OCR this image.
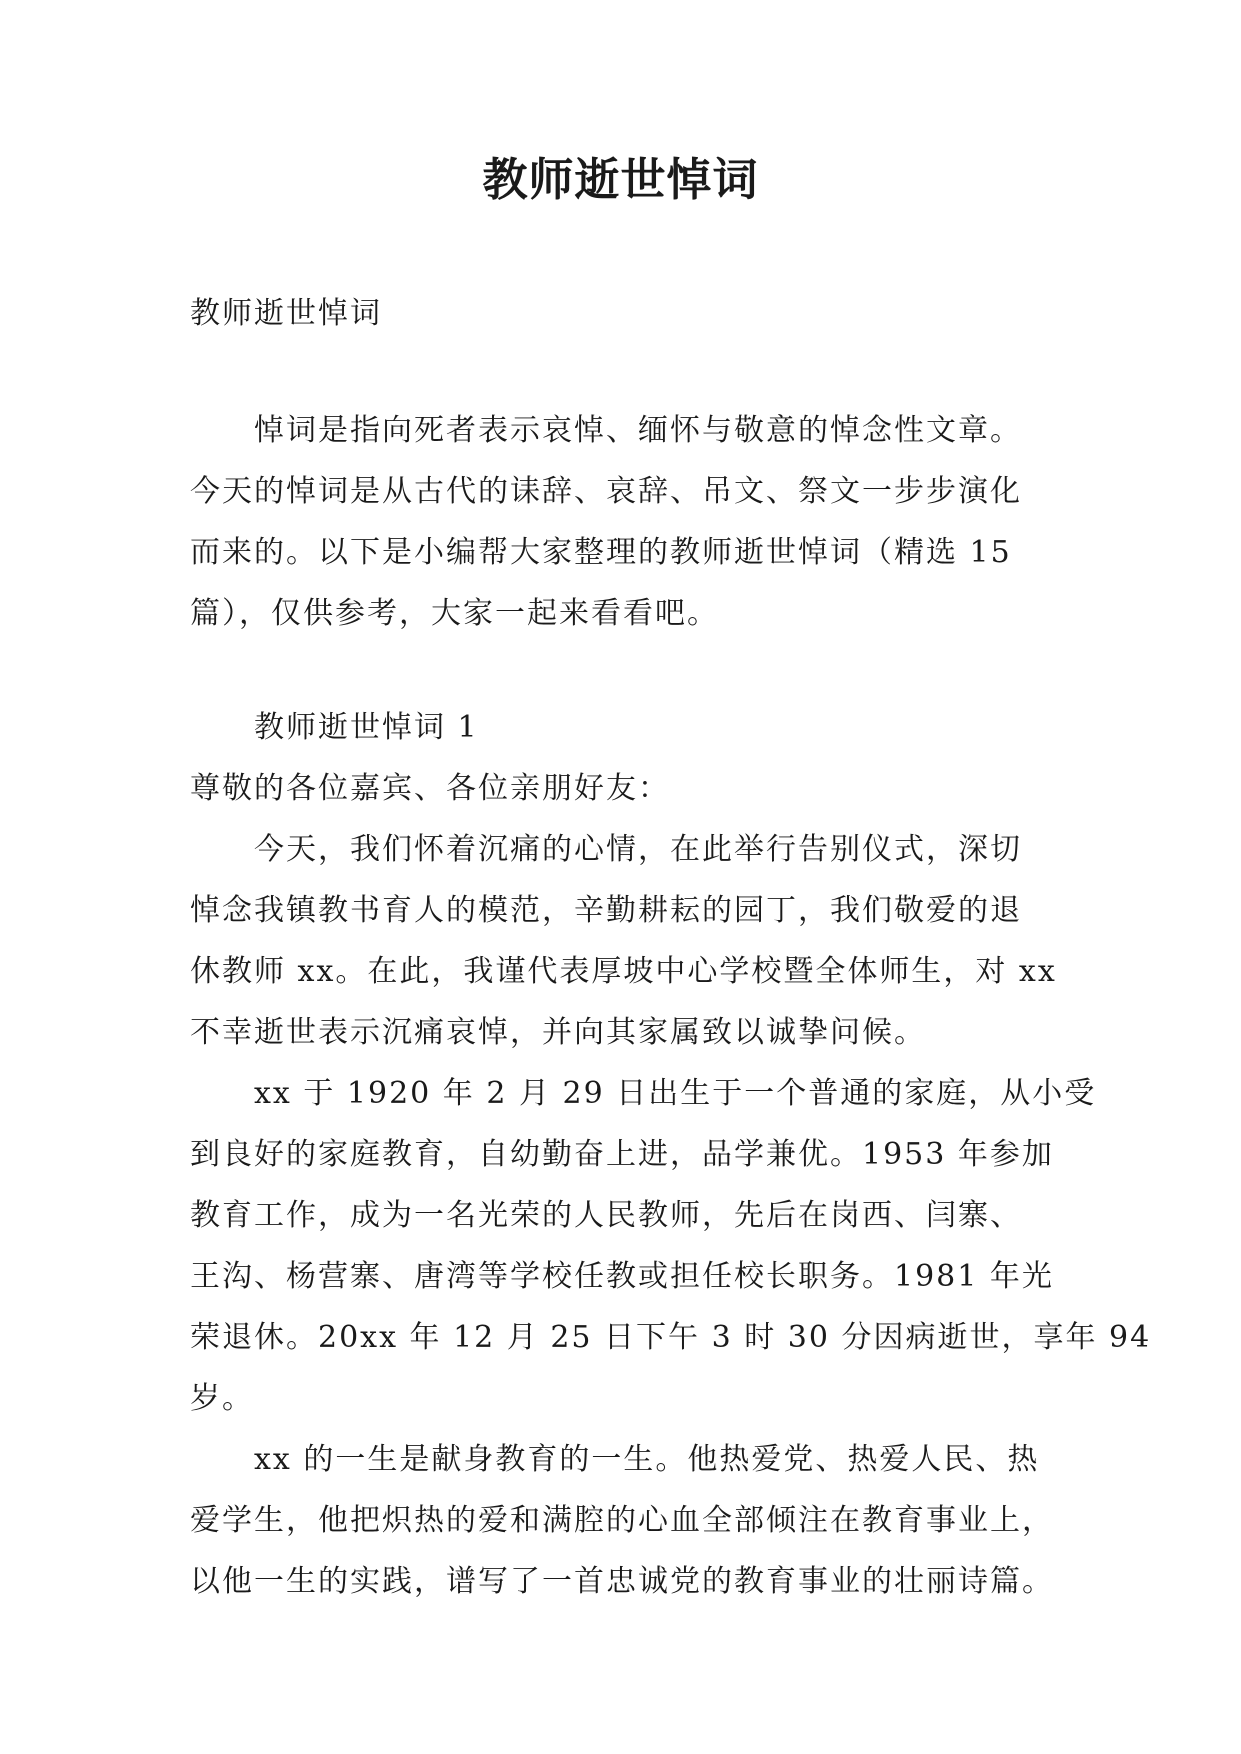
教师逝世悼词

教师逝世悼词

悼词是指向死者表示哀悼、缅怀与敬意的悼念性文章。
今天的悼词是从古代的诔辞、哀辞、吊文、祭文一步步演化
而来的。以下是小编帮大家整理的教师逝世悼词（精选 15
篇），仅供参考，大家一起来看看吧。
教师逝世悼词 1
尊敬的各位嘉宾、各位亲朋好友：
今天，我们怀着沉痛的心情，在此举行告别仪式，深切
悼念我镇教书育人的模范，辛勤耕耘的园丁，我们敬爱的退
休教师 xx。在此，我谨代表厚坡中心学校暨全体师生，对 xx
不幸逝世表示沉痛哀悼，并向其家属致以诚挚问候。
xx 于 1920 年 2 月 29 日出生于一个普通的家庭，从小受
到良好的家庭教育，自幼勤奋上进，品学兼优。1953 年参加
教育工作，成为一名光荣的人民教师，先后在岗西、闫寨、
王沟、杨营寨、唐湾等学校任教或担任校长职务。1981 年光
荣退休。20xx 年 12 月 25 日下午 3 时 30 分因病逝世，享年 94
岁。
xx 的一生是献身教育的一生。他热爱党、热爱人民、热
爱学生，他把炽热的爱和满腔的心血全部倾注在教育事业上，
以他一生的实践，谱写了一首忠诚党的教育事业的壮丽诗篇。
